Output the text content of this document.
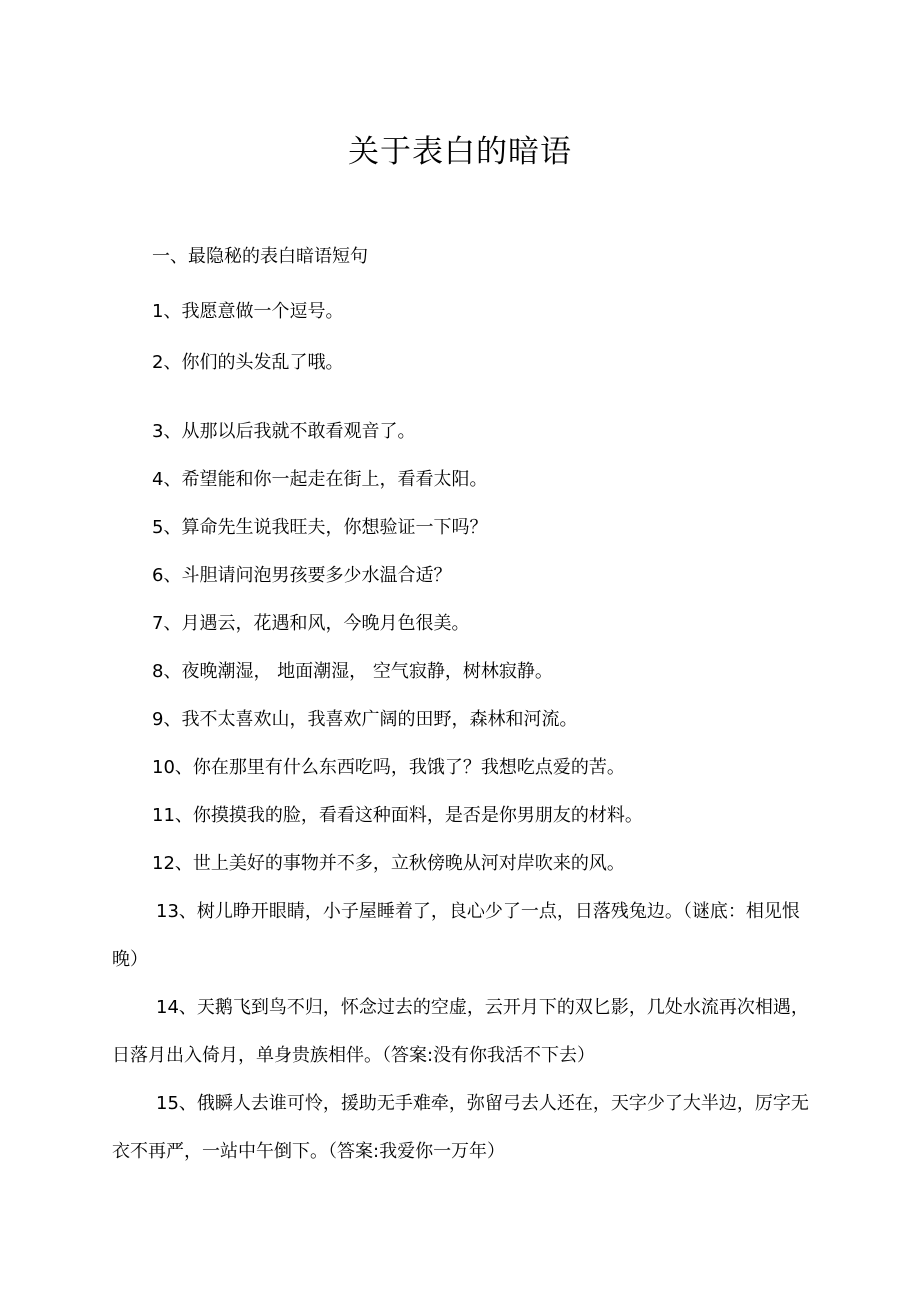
关于表白的暗语
一、最隐秘的表白暗语短句
1、我愿意做一个逗号。
2、你们的头发乱了哦。
3、从那以后我就不敢看观音了。
4、希望能和你一起走在街上，看看太阳。
5、算命先生说我旺夫，你想验证一下吗？
6、斗胆请问泡男孩要多少水温合适？
7、月遇云，花遇和风，今晚月色很美。
8、夜晚潮湿， 地面潮湿， 空气寂静，树林寂静。
9、我不太喜欢山，我喜欢广阔的田野，森林和河流。
10、你在那里有什么东西吃吗，我饿了？我想吃点爱的苦。
11、你摸摸我的脸，看看这种面料，是否是你男朋友的材料。
12、世上美好的事物并不多，立秋傍晚从河对岸吹来的风。
13、树儿睁开眼睛，小子屋睡着了，良心少了一点，日落残兔边。（谜底：相见恨晚）
14、天鹅飞到鸟不归，怀念过去的空虚，云开月下的双匕影，几处水流再次相遇，日落月出入倚月，单身贵族相伴。（答案:没有你我活不下去）
15、俄瞬人去谁可怜，援助无手难牵，弥留弓去人还在，天字少了大半边，厉字无衣不再严，一站中午倒下。（答案:我爱你一万年）
